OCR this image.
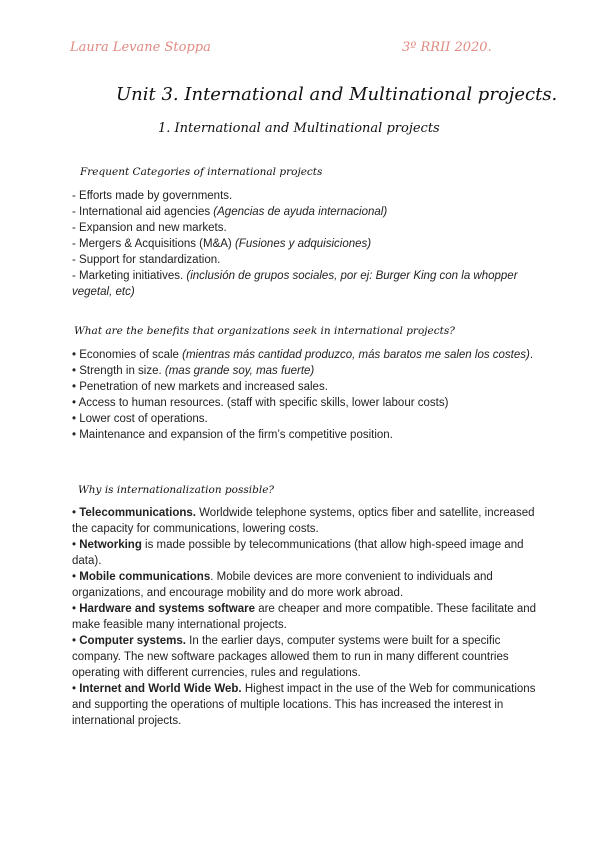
Laura Levane Stoppa	3º RRII 2020.
Unit 3. International and Multinational projects.
1. International and Multinational projects
Frequent Categories of international projects

- Efforts made by governments.

- International aid agencies (Agencias de ayuda internacional)

- Expansion and new markets.

- Mergers & Acquisitions (M&A) (Fusiones y adquisiciones)

- Support for standardization.

- Marketing initiatives. (inclusión de grupos sociales, por ej: Burger King con la whopper vegetal, etc)

What are the benefits that organizations seek in international projects?

• Economies of scale (mientras más cantidad produzco, más baratos me salen los costes).

• Strength in size. (mas grande soy, mas fuerte)

• Penetration of new markets and increased sales.

• Access to human resources. (staff with specific skills, lower labour costs)

• Lower cost of operations.

• Maintenance and expansion of the firm’s competitive position.

Why is internationalization possible?

• Telecommunications. Worldwide telephone systems, optics fiber and satellite, increased the capacity for communications, lowering costs.

• Networking is made possible by telecommunications (that allow high-speed image and data).

• Mobile communications. Mobile devices are more convenient to individuals and organizations, and encourage mobility and do more work abroad.

• Hardware and systems software are cheaper and more compatible. These facilitate and make feasible many international projects.

• Computer systems. In the earlier days, computer systems were built for a specific company. The new software packages allowed them to run in many different countries operating with different currencies, rules and regulations.

• Internet and World Wide Web. Highest impact in the use of the Web for communications and supporting the operations of multiple locations. This has increased the interest in international projects.
